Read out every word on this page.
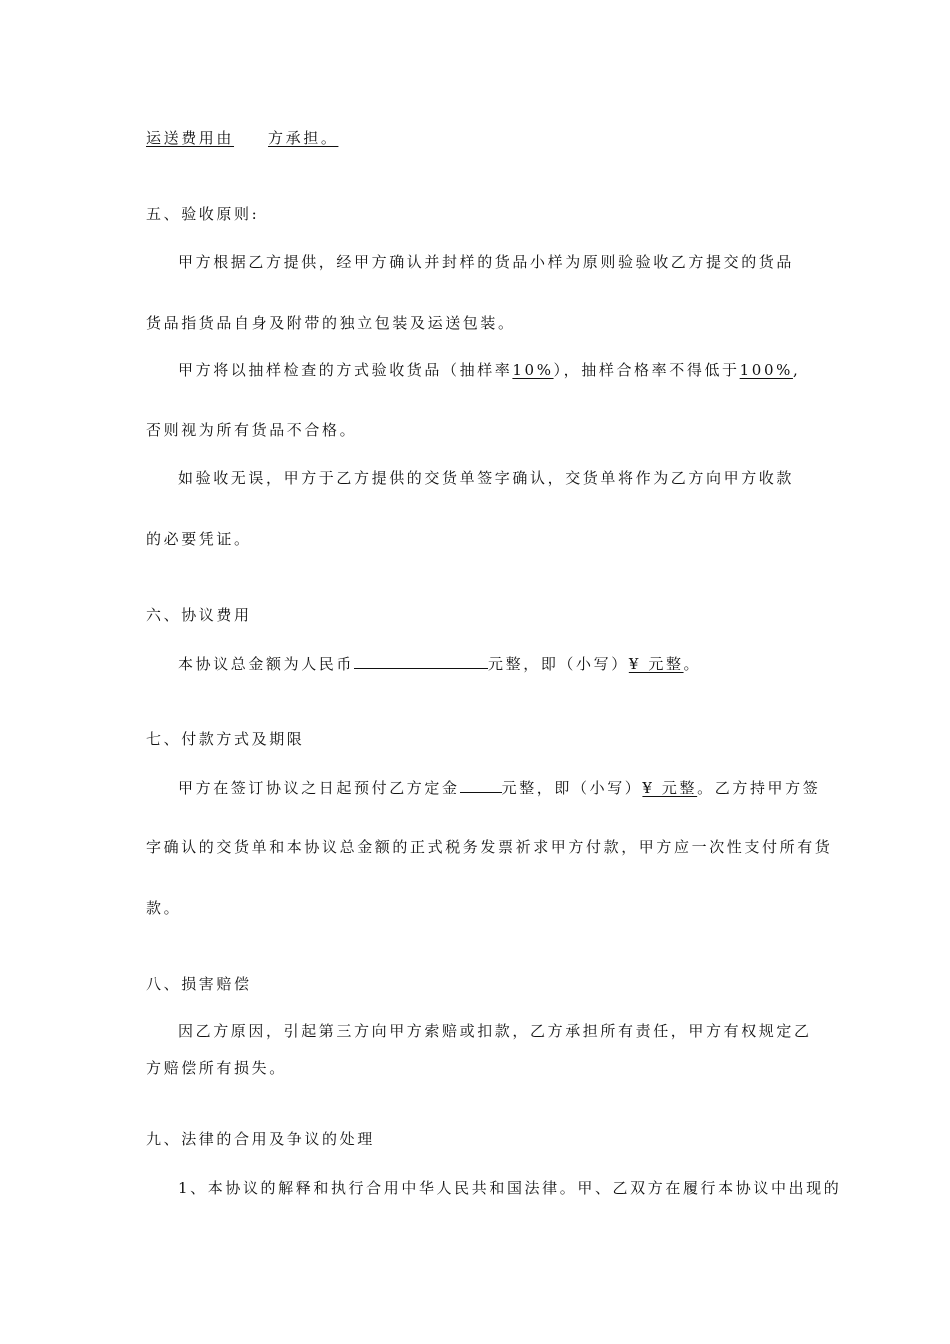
运送费用由 方承担。
五、验收原则:
甲方根据乙方提供，经甲方确认并封样的货品小样为原则验验收乙方提交的货品
货品指货品自身及附带的独立包装及运送包装。
甲方将以抽样检查的方式验收货品（抽样率10%），抽样合格率不得低于100%,
否则视为所有货品不合格。
如验收无误，甲方于乙方提供的交货单签字确认，交货单将作为乙方向甲方收款
的必要凭证。
六、协议费用
本协议总金额为人民币	元整，即（小写）¥ 元整。
七、付款方式及期限
甲方在签订协议之日起预付乙方定金	元整，即（小写）¥ 元整。乙方持甲方签
字确认的交货单和本协议总金额的正式税务发票祈求甲方付款，甲方应一次性支付所有货
款。
八、损害赔偿
因乙方原因，引起第三方向甲方索赔或扣款，乙方承担所有责任，甲方有权规定乙
方赔偿所有损失。
九、法律的合用及争议的处理
1、本协议的解释和执行合用中华人民共和国法律。甲、乙双方在履行本协议中出现的
